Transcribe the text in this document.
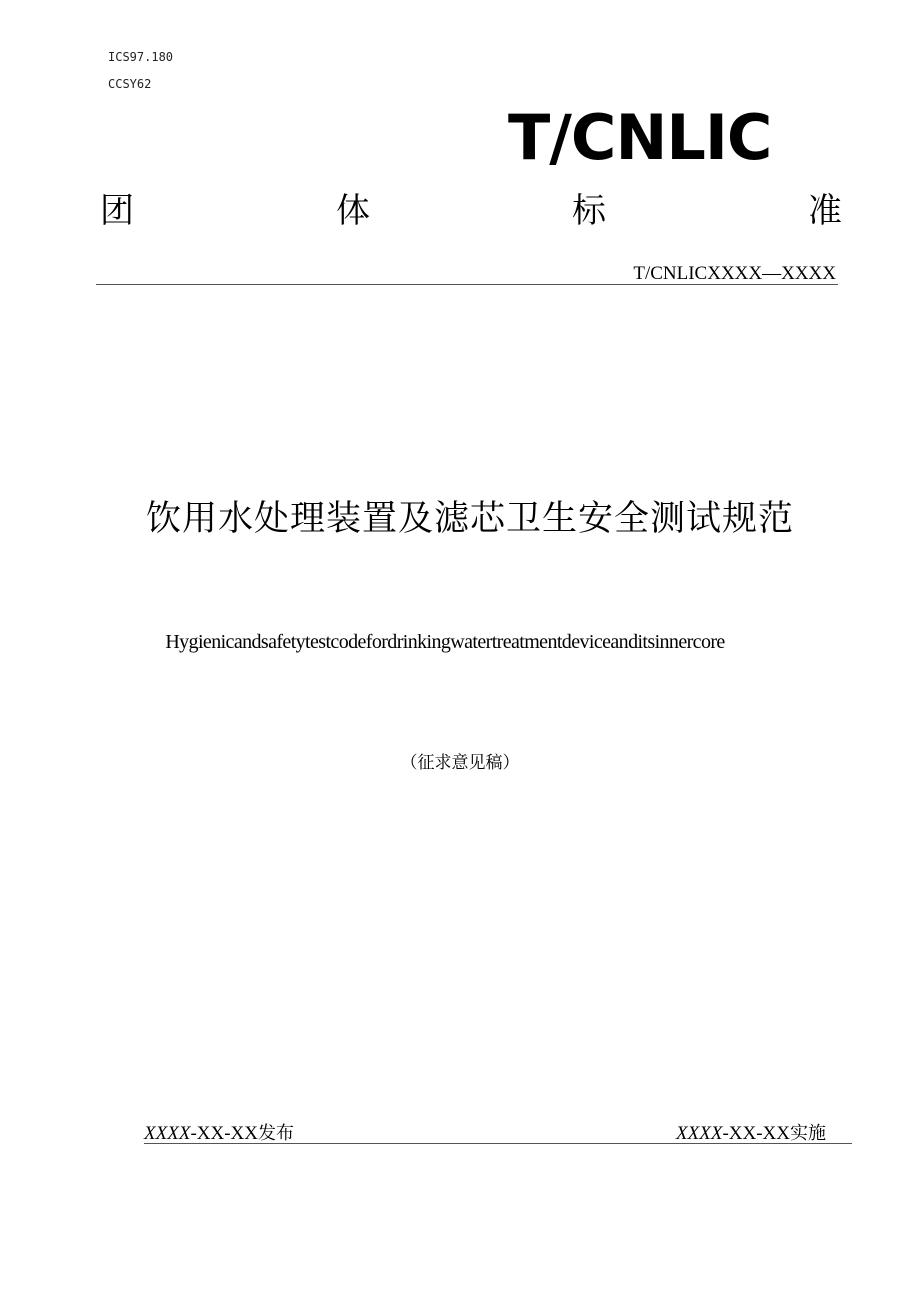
ICS97.180
CCSY62
T/CNLIC
团	体	标	准
T/CNLICXXXX—XXXX
饮用水处理装置及滤芯卫生安全测试规范
Hygienicandsafetytestcodefordrinkingwatertreatmentdeviceanditsinnercore
（征求意见稿）
XXXX-XX-XX发布	XXXX-XX-XX实施
